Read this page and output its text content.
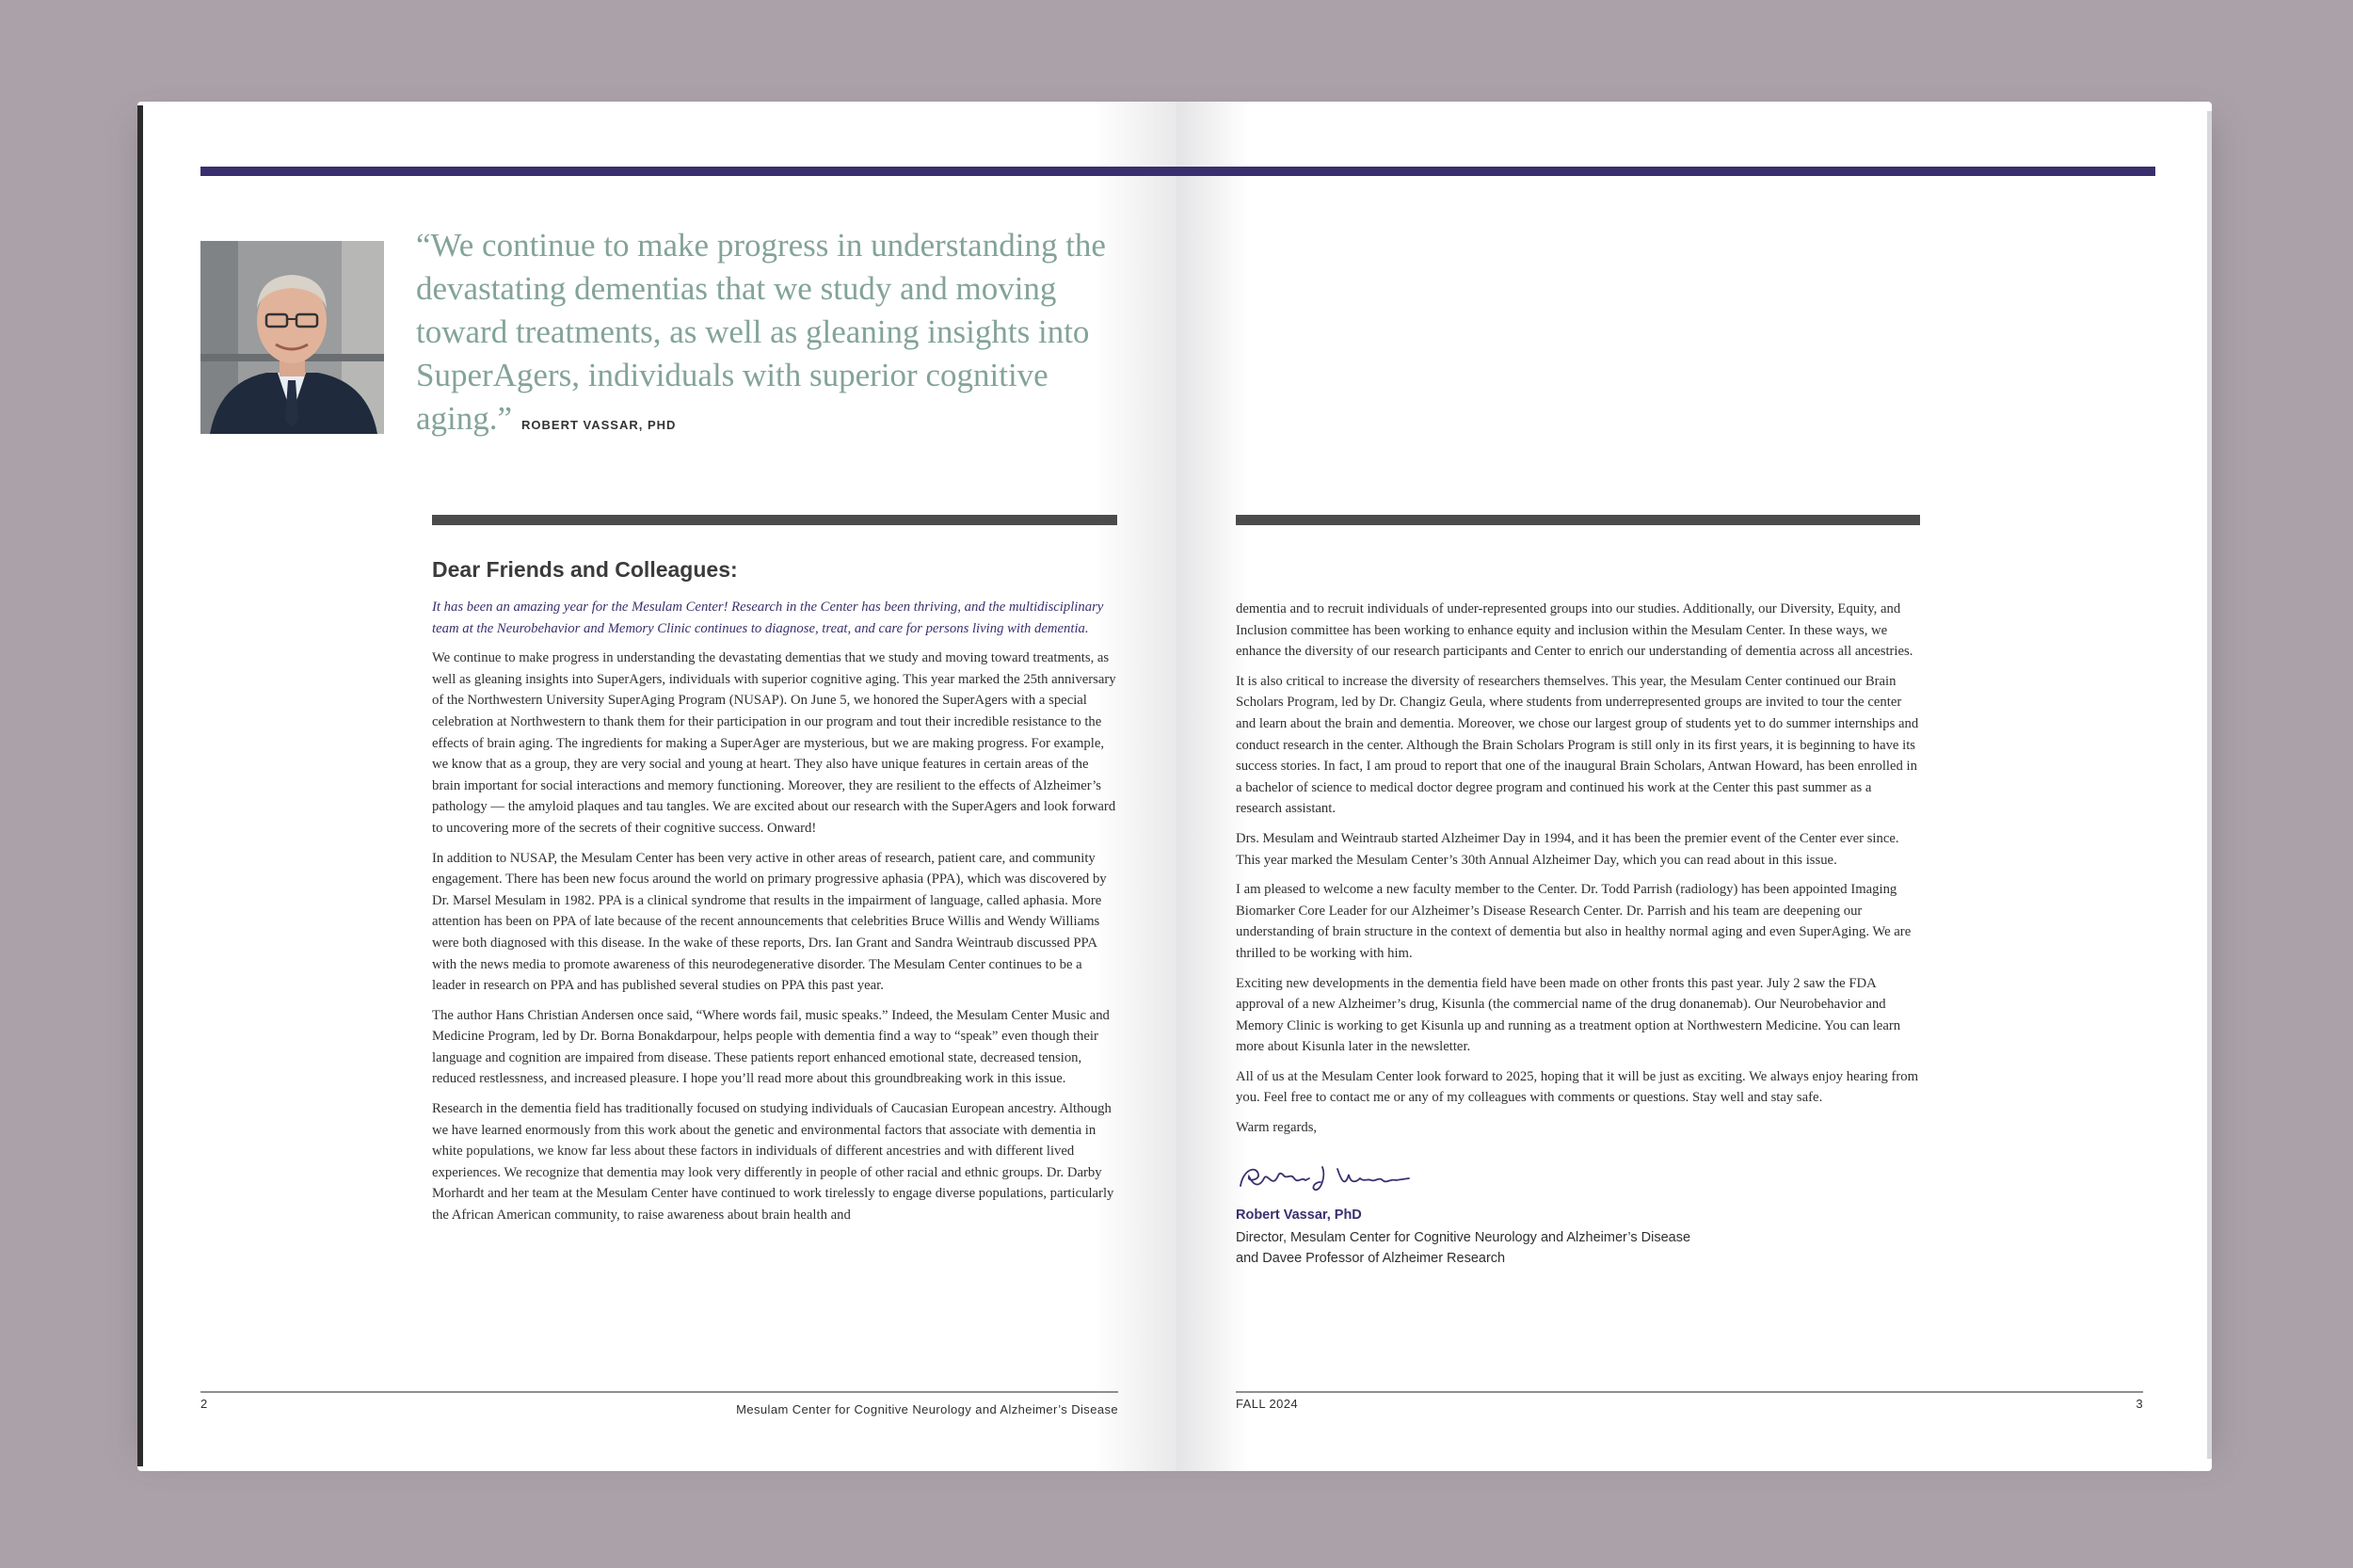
“We continue to make progress in understanding the devastating dementias that we study and moving toward treatments, as well as gleaning insights into SuperAgers, individuals with superior cognitive aging.” ROBERT VASSAR, PHD

Dear Friends and Colleagues:

It has been an amazing year for the Mesulam Center! Research in the Center has been thriving, and the multidisciplinary team at the Neurobehavior and Memory Clinic continues to diagnose, treat, and care for persons living with dementia.

We continue to make progress in understanding the devastating dementias that we study and moving toward treatments, as well as gleaning insights into SuperAgers, individuals with superior cognitive aging. This year marked the 25th anniversary of the Northwestern University SuperAging Program (NUSAP). On June 5, we honored the SuperAgers with a special celebration at Northwestern to thank them for their participation in our program and tout their incredible resistance to the effects of brain aging. The ingredients for making a SuperAger are mysterious, but we are making progress. For example, we know that as a group, they are very social and young at heart. They also have unique features in certain areas of the brain important for social interactions and memory functioning. Moreover, they are resilient to the effects of Alzheimer’s pathology — the amyloid plaques and tau tangles. We are excited about our research with the SuperAgers and look forward to uncovering more of the secrets of their cognitive success. Onward!

In addition to NUSAP, the Mesulam Center has been very active in other areas of research, patient care, and community engagement. There has been new focus around the world on primary progressive aphasia (PPA), which was discovered by Dr. Marsel Mesulam in 1982. PPA is a clinical syndrome that results in the impairment of language, called aphasia. More attention has been on PPA of late because of the recent announcements that celebrities Bruce Willis and Wendy Williams were both diagnosed with this disease. In the wake of these reports, Drs. Ian Grant and Sandra Weintraub discussed PPA with the news media to promote awareness of this neurodegenerative disorder. The Mesulam Center continues to be a leader in research on PPA and has published several studies on PPA this past year.

The author Hans Christian Andersen once said, “Where words fail, music speaks.” Indeed, the Mesulam Center Music and Medicine Program, led by Dr. Borna Bonakdarpour, helps people with dementia find a way to “speak” even though their language and cognition are impaired from disease. These patients report enhanced emotional state, decreased tension, reduced restlessness, and increased pleasure. I hope you’ll read more about this groundbreaking work in this issue.

Research in the dementia field has traditionally focused on studying individuals of Caucasian European ancestry. Although we have learned enormously from this work about the genetic and environmental factors that associate with dementia in white populations, we know far less about these factors in individuals of different ancestries and with different lived experiences. We recognize that dementia may look very differently in people of other racial and ethnic groups. Dr. Darby Morhardt and her team at the Mesulam Center have continued to work tirelessly to engage diverse populations, particularly the African American community, to raise awareness about brain health and

dementia and to recruit individuals of under-represented groups into our studies. Additionally, our Diversity, Equity, and Inclusion committee has been working to enhance equity and inclusion within the Mesulam Center. In these ways, we enhance the diversity of our research participants and Center to enrich our understanding of dementia across all ancestries.

It is also critical to increase the diversity of researchers themselves. This year, the Mesulam Center continued our Brain Scholars Program, led by Dr. Changiz Geula, where students from underrepresented groups are invited to tour the center and learn about the brain and dementia. Moreover, we chose our largest group of students yet to do summer internships and conduct research in the center. Although the Brain Scholars Program is still only in its first years, it is beginning to have its success stories. In fact, I am proud to report that one of the inaugural Brain Scholars, Antwan Howard, has been enrolled in a bachelor of science to medical doctor degree program and continued his work at the Center this past summer as a research assistant.

Drs. Mesulam and Weintraub started Alzheimer Day in 1994, and it has been the premier event of the Center ever since. This year marked the Mesulam Center’s 30th Annual Alzheimer Day, which you can read about in this issue.

I am pleased to welcome a new faculty member to the Center. Dr. Todd Parrish (radiology) has been appointed Imaging Biomarker Core Leader for our Alzheimer’s Disease Research Center. Dr. Parrish and his team are deepening our understanding of brain structure in the context of dementia but also in healthy normal aging and even SuperAging. We are thrilled to be working with him.

Exciting new developments in the dementia field have been made on other fronts this past year. July 2 saw the FDA approval of a new Alzheimer’s drug, Kisunla (the commercial name of the drug donanemab). Our Neurobehavior and Memory Clinic is working to get Kisunla up and running as a treatment option at Northwestern Medicine. You can learn more about Kisunla later in the newsletter.

All of us at the Mesulam Center look forward to 2025, hoping that it will be just as exciting. We always enjoy hearing from you. Feel free to contact me or any of my colleagues with comments or questions. Stay well and stay safe.

Warm regards,

Robert Vassar, PhD
Director, Mesulam Center for Cognitive Neurology and Alzheimer’s Disease
and Davee Professor of Alzheimer Research
2	Mesulam Center for Cognitive Neurology and Alzheimer’s Disease	FALL 2024	3
